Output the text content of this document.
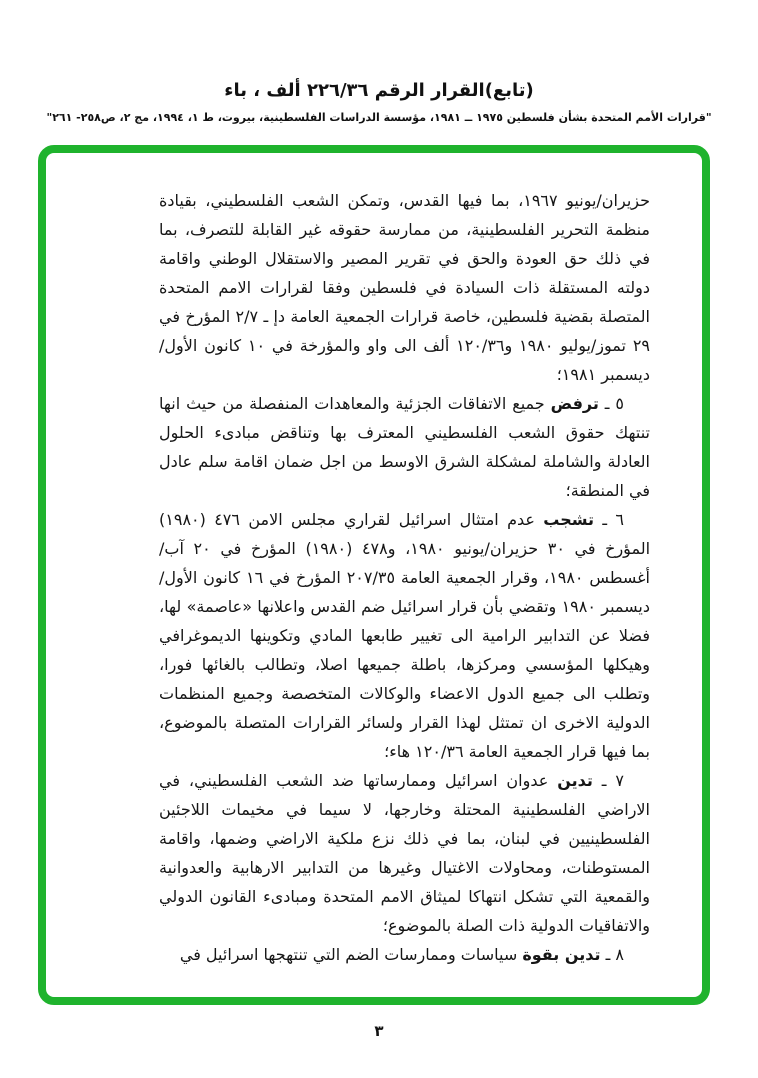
(تابع)القرار الرقم ٢٢٦/٣٦ ألف ، باء
"قرارات الأمم المتحدة بشأن فلسطين ١٩٧٥ ــ ١٩٨١، مؤسسة الدراسات الفلسطينية، بيروت، ط ١، ١٩٩٤، مج ٢، ص٢٥٨- ٢٦١"

حزيران/يونيو ١٩٦٧، بما فيها القدس، وتمكن الشعب الفلسطيني، بقيادة منظمة التحرير الفلسطينية، من ممارسة حقوقه غير القابلة للتصرف، بما في ذلك حق العودة والحق في تقرير المصير والاستقلال الوطني واقامة دولته المستقلة ذات السيادة في فلسطين وفقا لقرارات الامم المتحدة المتصلة بقضية فلسطين، خاصة قرارات الجمعية العامة دإ ـ ٢/٧ المؤرخ في ٢٩ تموز/يوليو ١٩٨٠ و١٢٠/٣٦ ألف الى واو والمؤرخة في ١٠ كانون الأول/ديسمبر ١٩٨١؛

٥ ـ ترفض جميع الاتفاقات الجزئية والمعاهدات المنفصلة من حيث انها تنتهك حقوق الشعب الفلسطيني المعترف بها وتناقض مبادىء الحلول العادلة والشاملة لمشكلة الشرق الاوسط من اجل ضمان اقامة سلم عادل في المنطقة؛

٦ ـ تشجب عدم امتثال اسرائيل لقراري مجلس الامن ٤٧٦ (١٩٨٠) المؤرخ في ٣٠ حزيران/يونيو ١٩٨٠، و٤٧٨ (١٩٨٠) المؤرخ في ٢٠ آب/أغسطس ١٩٨٠، وقرار الجمعية العامة ٢٠٧/٣٥ المؤرخ في ١٦ كانون الأول/ديسمبر ١٩٨٠ وتقضي بأن قرار اسرائيل ضم القدس واعلانها «عاصمة» لها، فضلا عن التدابير الرامية الى تغيير طابعها المادي وتكوينها الديموغرافي وهيكلها المؤسسي ومركزها، باطلة جميعها اصلا، وتطالب بالغائها فورا، وتطلب الى جميع الدول الاعضاء والوكالات المتخصصة وجميع المنظمات الدولية الاخرى ان تمتثل لهذا القرار ولسائر القرارات المتصلة بالموضوع، بما فيها قرار الجمعية العامة ١٢٠/٣٦ هاء؛

٧ ـ تدين عدوان اسرائيل وممارساتها ضد الشعب الفلسطيني، في الاراضي الفلسطينية المحتلة وخارجها، لا سيما في مخيمات اللاجئين الفلسطينيين في لبنان، بما في ذلك نزع ملكية الاراضي وضمها، واقامة المستوطنات، ومحاولات الاغتيال وغيرها من التدابير الارهابية والعدوانية والقمعية التي تشكل انتهاكا لميثاق الامم المتحدة ومبادىء القانون الدولي والاتفاقيات الدولية ذات الصلة بالموضوع؛

٨ ـ تدين بقوة سياسات وممارسات الضم التي تنتهجها اسرائيل في

٣
